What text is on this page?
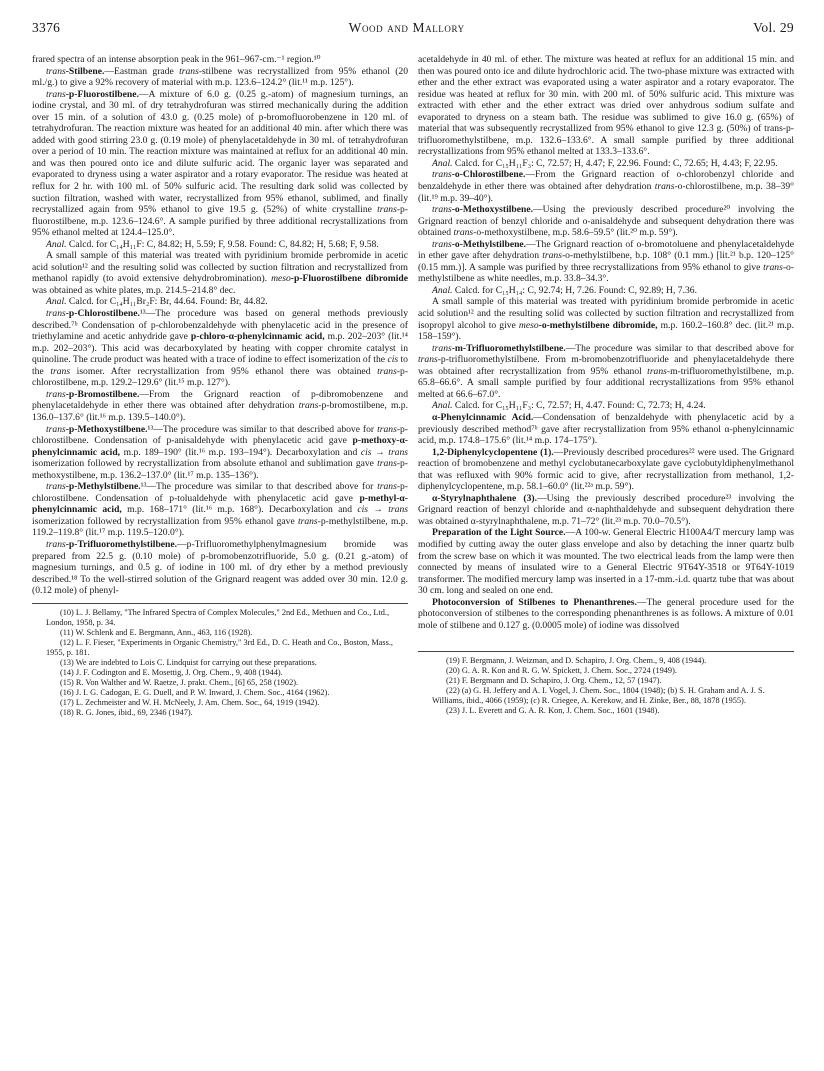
3376	Wood and Mallory	Vol. 29

frared spectra of an intense absorption peak in the 961–967-cm.⁻¹ region.¹⁰

trans-Stilbene.—Eastman grade trans-stilbene was recrystallized from 95% ethanol (20 ml./g.) to give a 92% recovery of material with m.p. 123.6–124.2° (lit.¹¹ m.p. 125°).

trans-p-Fluorostilbene.—A mixture of 6.0 g. (0.25 g.-atom) of magnesium turnings, an iodine crystal, and 30 ml. of dry tetrahydrofuran was stirred mechanically during the addition over 15 min. of a solution of 43.0 g. (0.25 mole) of p-bromofluorobenzene in 120 ml. of tetrahydrofuran. The reaction mixture was heated for an additional 40 min. after which there was added with good stirring 23.0 g. (0.19 mole) of phenylacetaldehyde in 30 ml. of tetrahydrofuran over a period of 10 min. The reaction mixture was maintained at reflux for an additional 40 min. and was then poured onto ice and dilute sulfuric acid. The organic layer was separated and evaporated to dryness using a water aspirator and a rotary evaporator. The residue was heated at reflux for 2 hr. with 100 ml. of 50% sulfuric acid. The resulting dark solid was collected by suction filtration, washed with water, recrystallized from 95% ethanol, sublimed, and finally recrystallized again from 95% ethanol to give 19.5 g. (52%) of white crystalline trans-p-fluorostilbene, m.p. 123.6–124.6°. A sample purified by three additional recrystallizations from 95% ethanol melted at 124.4–125.0°.

Anal. Calcd. for C₁₄H₁₁F: C, 84.82; H, 5.59; F, 9.58. Found: C, 84.82; H, 5.68; F, 9.58.

A small sample of this material was treated with pyridinium bromide perbromide in acetic acid solution¹² and the resulting solid was collected by suction filtration and recrystallized from methanol rapidly (to avoid extensive dehydrobromination). meso-p-Fluorostilbene dibromide was obtained as white plates, m.p. 214.5–214.8° dec.

Anal. Calcd. for C₁₄H₁₁Br₂F: Br, 44.64. Found: Br, 44.82.

trans-p-Chlorostilbene.¹³—The procedure was based on general methods previously described.⁷ᵇ Condensation of p-chlorobenzaldehyde with phenylacetic acid in the presence of triethylamine and acetic anhydride gave p-chloro-α-phenylcinnamic acid, m.p. 202–203° (lit.¹⁴ m.p. 202–203°). This acid was decarboxylated by heating with copper chromite catalyst in quinoline. The crude product was heated with a trace of iodine to effect isomerization of the cis to the trans isomer. After recrystallization from 95% ethanol there was obtained trans-p-chlorostilbene, m.p. 129.2–129.6° (lit.¹⁵ m.p. 127°).

trans-p-Bromostilbene.—From the Grignard reaction of p-dibromobenzene and phenylacetaldehyde in ether there was obtained after dehydration trans-p-bromostilbene, m.p. 136.0–137.6° (lit.¹⁶ m.p. 139.5–140.0°).

trans-p-Methoxystilbene.¹³—The procedure was similar to that described above for trans-p-chlorostilbene. Condensation of p-anisaldehyde with phenylacetic acid gave p-methoxy-α-phenylcinnamic acid, m.p. 189–190° (lit.¹⁶ m.p. 193–194°). Decarboxylation and cis → trans isomerization followed by recrystallization from absolute ethanol and sublimation gave trans-p-methoxystilbene, m.p. 136.2–137.0° (lit.¹⁷ m.p. 135–136°).

trans-p-Methylstilbene.¹³—The procedure was similar to that described above for trans-p-chlorostilbene. Condensation of p-tolualdehyde with phenylacetic acid gave p-methyl-α-phenylcinnamic acid, m.p. 168–171° (lit.¹⁶ m.p. 168°). Decarboxylation and cis → trans isomerization followed by recrystallization from 95% ethanol gave trans-p-methylstilbene, m.p. 119.2–119.8° (lit.¹⁷ m.p. 119.5–120.0°).

trans-p-Trifluoromethylstilbene.—p-Trifluoromethylphenylmagnesium bromide was prepared from 22.5 g. (0.10 mole) of p-bromobenzotrifluoride, 5.0 g. (0.21 g.-atom) of magnesium turnings, and 0.5 g. of iodine in 100 ml. of dry ether by a method previously described.¹⁸ To the well-stirred solution of the Grignard reagent was added over 30 min. 12.0 g. (0.12 mole) of phenyl-

(10) L. J. Bellamy, "The Infrared Spectra of Complex Molecules," 2nd Ed., Methuen and Co., Ltd., London, 1958, p. 34.

(11) W. Schlenk and E. Bergmann, Ann., 463, 116 (1928).

(12) L. F. Fieser, "Experiments in Organic Chemistry," 3rd Ed., D. C. Heath and Co., Boston, Mass., 1955, p. 181.

(13) We are indebted to Lois C. Lindquist for carrying out these preparations.

(14) J. F. Codington and E. Mosettig, J. Org. Chem., 9, 408 (1944).

(15) R. Von Walther and W. Raetze, J. prakt. Chem., [6] 65, 258 (1902).

(16) J. I. G. Cadogan, E. G. Duell, and P. W. Inward, J. Chem. Soc., 4164 (1962).

(17) L. Zechmeister and W. H. McNeely, J. Am. Chem. Soc., 64, 1919 (1942).

(18) R. G. Jones, ibid., 69, 2346 (1947).

acetaldehyde in 40 ml. of ether. The mixture was heated at reflux for an additional 15 min. and then was poured onto ice and dilute hydrochloric acid. The two-phase mixture was extracted with ether and the ether extract was evaporated using a water aspirator and a rotary evaporator. The residue was heated at reflux for 30 min. with 200 ml. of 50% sulfuric acid. This mixture was extracted with ether and the ether extract was dried over anhydrous sodium sulfate and evaporated to dryness on a steam bath. The residue was sublimed to give 16.0 g. (65%) of material that was subsequently recrystallized from 95% ethanol to give 12.3 g. (50%) of trans-p-trifluoromethylstilbene, m.p. 132.6–133.6°. A small sample purified by three additional recrystallizations from 95% ethanol melted at 133.3–133.6°.

Anal. Calcd. for C₁₅H₁₁F₃: C, 72.57; H, 4.47; F, 22.96. Found: C, 72.65; H, 4.43; F, 22.95.

trans-o-Chlorostilbene.—From the Grignard reaction of o-chlorobenzyl chloride and benzaldehyde in ether there was obtained after dehydration trans-o-chlorostilbene, m.p. 38–39° (lit.¹⁹ m.p. 39–40°).

trans-o-Methoxystilbene.—Using the previously described procedure²⁰ involving the Grignard reaction of benzyl chloride and o-anisaldehyde and subsequent dehydration there was obtained trans-o-methoxystilbene, m.p. 58.6–59.5° (lit.²⁰ m.p. 59°).

trans-o-Methylstilbene.—The Grignard reaction of o-bromotoluene and phenylacetaldehyde in ether gave after dehydration trans-o-methylstilbene, b.p. 108° (0.1 mm.) [lit.²¹ b.p. 120–125° (0.15 mm.)]. A sample was purified by three recrystallizations from 95% ethanol to give trans-o-methylstilbene as white needles, m.p. 33.8–34.3°.

Anal. Calcd. for C₁₅H₁₄: C, 92.74; H, 7.26. Found: C, 92.89; H, 7.36.

A small sample of this material was treated with pyridinium bromide perbromide in acetic acid solution¹² and the resulting solid was collected by suction filtration and recrystallized from isopropyl alcohol to give meso-o-methylstilbene dibromide, m.p. 160.2–160.8° dec. (lit.²¹ m.p. 158–159°).

trans-m-Trifluoromethylstilbene.—The procedure was similar to that described above for trans-p-trifluoromethylstilbene. From m-bromobenzotrifluoride and phenylacetaldehyde there was obtained after recrystallization from 95% ethanol trans-m-trifluoromethylstilbene, m.p. 65.8–66.6°. A small sample purified by four additional recrystallizations from 95% ethanol melted at 66.6–67.0°.

Anal. Calcd. for C₁₅H₁₁F₃: C, 72.57; H, 4.47. Found: C, 72.73; H, 4.24.

α-Phenylcinnamic Acid.—Condensation of benzaldehyde with phenylacetic acid by a previously described method⁷ᵇ gave after recrystallization from 95% ethanol α-phenylcinnamic acid, m.p. 174.8–175.6° (lit.¹⁴ m.p. 174–175°).

1,2-Diphenylcyclopentene (1).—Previously described procedures²² were used. The Grignard reaction of bromobenzene and methyl cyclobutanecarboxylate gave cyclobutyldiphenylmethanol that was refluxed with 90% formic acid to give, after recrystallization from methanol, 1,2-diphenylcyclopentene, m.p. 58.1–60.0° (lit.²²ᵃ m.p. 59°).

α-Styrylnaphthalene (3).—Using the previously described procedure²³ involving the Grignard reaction of benzyl chloride and α-naphthaldehyde and subsequent dehydration there was obtained α-styrylnaphthalene, m.p. 71–72° (lit.²³ m.p. 70.0–70.5°).

Preparation of the Light Source.—A 100-w. General Electric H100A4/T mercury lamp was modified by cutting away the outer glass envelope and also by detaching the inner quartz bulb from the screw base on which it was mounted. The two electrical leads from the lamp were then connected by means of insulated wire to a General Electric 9T64Y-3518 or 9T64Y-1019 transformer. The modified mercury lamp was inserted in a 17-mm.-i.d. quartz tube that was about 30 cm. long and sealed on one end.

Photoconversion of Stilbenes to Phenanthrenes.—The general procedure used for the photoconversion of stilbenes to the corresponding phenanthrenes is as follows. A mixture of 0.01 mole of stilbene and 0.127 g. (0.0005 mole) of iodine was dissolved

(19) F. Bergmann, J. Weizman, and D. Schapiro, J. Org. Chem., 9, 408 (1944).

(20) G. A. R. Kon and R. G. W. Spickett, J. Chem. Soc., 2724 (1949).

(21) F. Bergmann and D. Schapiro, J. Org. Chem., 12, 57 (1947).

(22) (a) G. H. Jeffery and A. I. Vogel, J. Chem. Soc., 1804 (1948); (b) S. H. Graham and A. J. S. Williams, ibid., 4066 (1959); (c) R. Criegee, A. Kerekow, and H. Zinke, Ber., 88, 1878 (1955).

(23) J. L. Everett and G. A. R. Kon, J. Chem. Soc., 1601 (1948).
